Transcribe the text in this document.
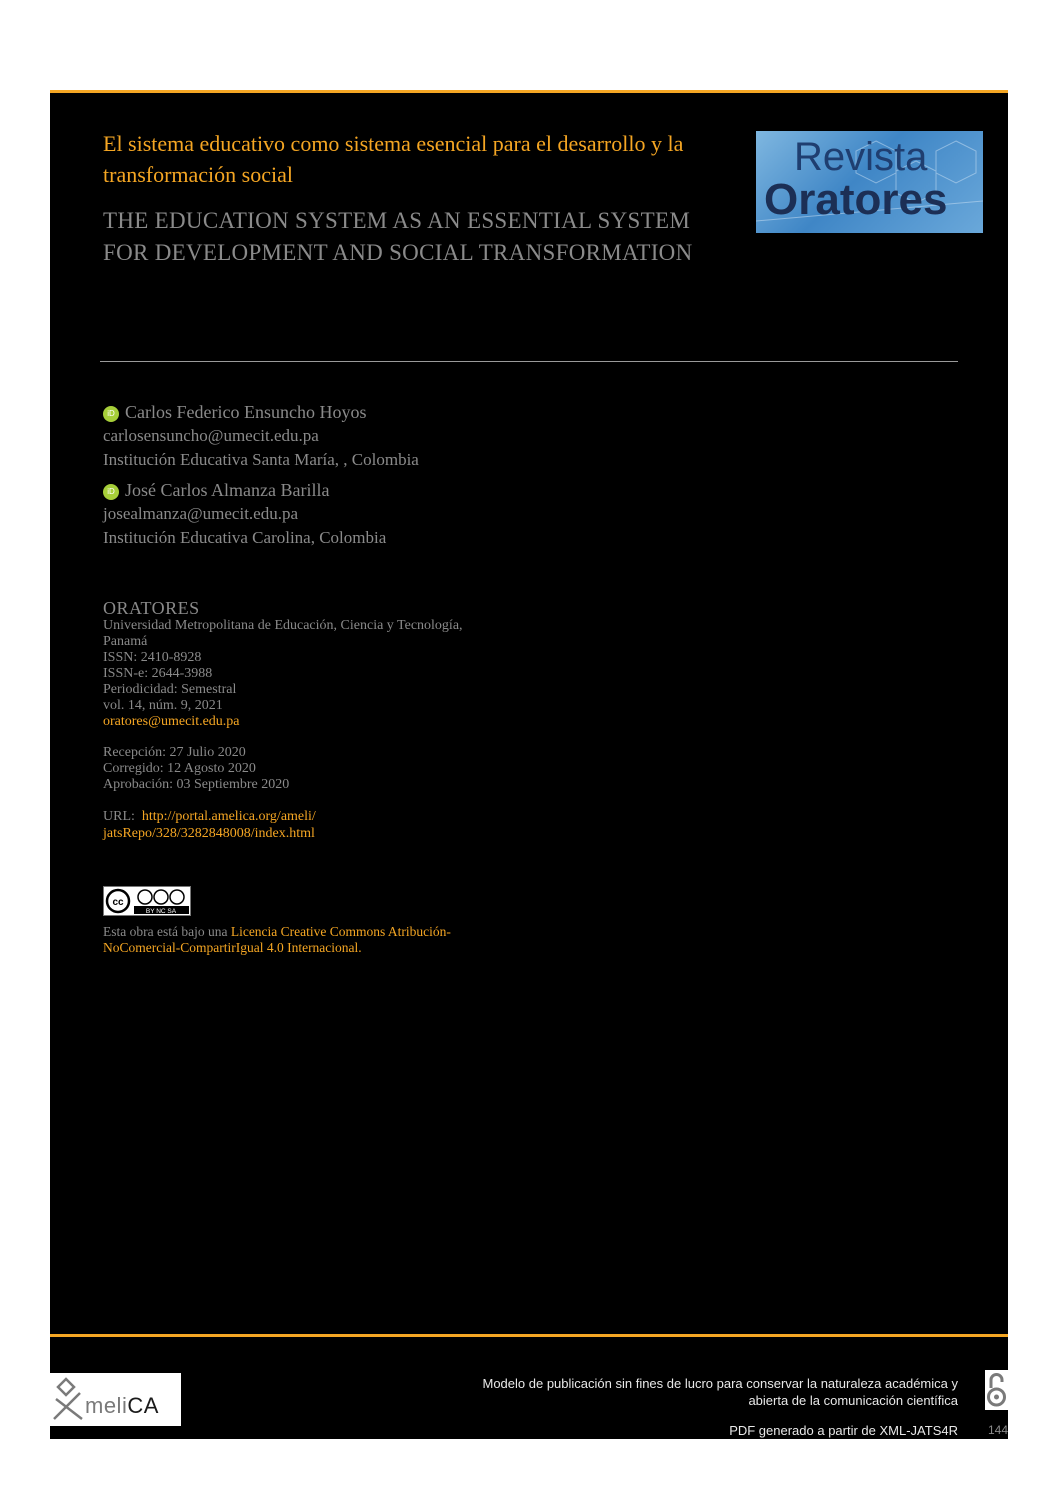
El sistema educativo como sistema esencial para el desarrollo y la transformación social
THE EDUCATION SYSTEM AS AN ESSENTIAL SYSTEM FOR DEVELOPMENT AND SOCIAL TRANSFORMATION
Revista
Oratores
iD Carlos Federico Ensuncho Hoyos
carlosensuncho@umecit.edu.pa
Institución Educativa Santa María, , Colombia
iD José Carlos Almanza Barilla
josealmanza@umecit.edu.pa
Institución Educativa Carolina, Colombia
ORATORES
Universidad Metropolitana de Educación, Ciencia y Tecnología,
Panamá
ISSN: 2410-8928
ISSN-e: 2644-3988
Periodicidad: Semestral
vol. 14, núm. 9, 2021
oratores@umecit.edu.pa
Recepción: 27 Julio 2020
Corregido: 12 Agosto 2020
Aprobación: 03 Septiembre 2020
URL: http://portal.amelica.org/ameli/
jatsRepo/328/3282848008/index.html
cc
BY NC SA
Esta obra está bajo una Licencia Creative Commons Atribución-
NoComercial-CompartirIgual 4.0 Internacional.
meliCA
Modelo de publicación sin fines de lucro para conservar la naturaleza académica y
abierta de la comunicación científica
PDF generado a partir de XML-JATS4R	144
